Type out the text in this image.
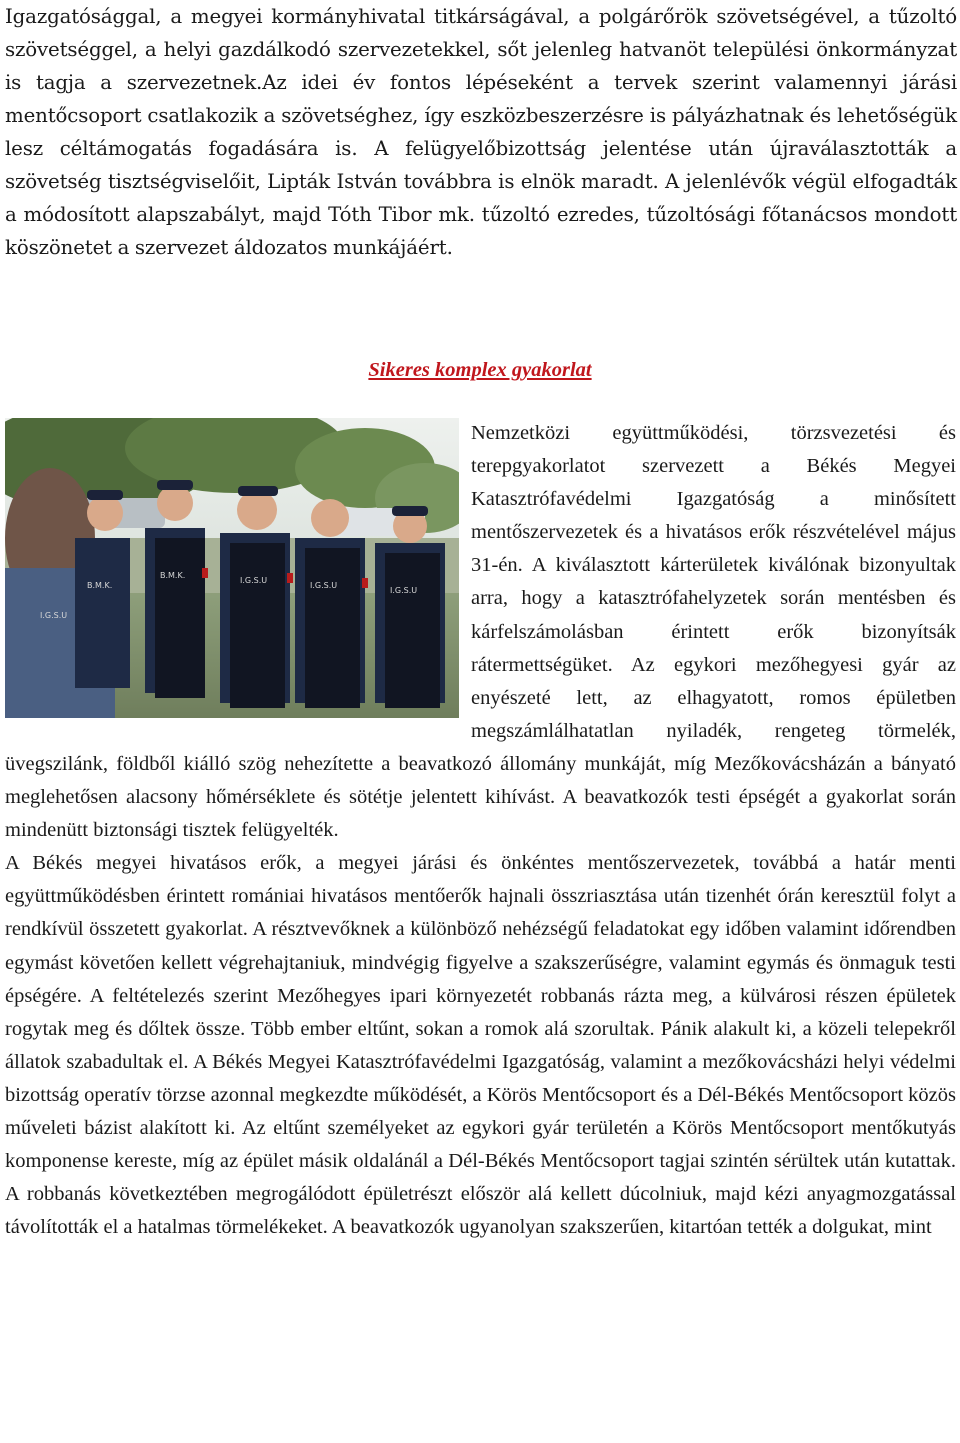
Igazgatósággal, a megyei kormányhivatal titkárságával, a polgárőrök szövetségével, a tűzoltó szövetséggel, a helyi gazdálkodó szervezetekkel, sőt jelenleg hatvanöt települési önkormányzat is tagja a szervezetnek.Az idei év fontos lépéseként a tervek szerint valamennyi járási mentőcsoport csatlakozik a szövetséghez, így eszközbeszerzésre is pályázhatnak és lehetőségük lesz céltámogatás fogadására is. A felügyelőbizottság jelentése után újraválasztották a szövetség tisztségviselőit, Lipták István továbbra is elnök maradt. A jelenlévők végül elfogadták a módosított alapszabályt, majd Tóth Tibor mk. tűzoltó ezredes, tűzoltósági főtanácsos mondott köszönetet a szervezet áldozatos munkájáért.

Sikeres komplex gyakorlat
B.M.K.
B.M.K.
I.G.S.U
I.G.S.U
I.G.S.U
I.G.S.U

Nemzetközi együttműködési, törzsvezetési és terepgyakorlatot szervezett a Békés Megyei Katasztrófavédelmi Igazgatóság a minősített mentőszervezetek és a hivatásos erők részvételével május 31-én. A kiválasztott kárterületek kiválónak bizonyultak arra, hogy a katasztrófahelyzetek során mentésben és kárfelszámolásban érintett erők bizonyítsák rátermettségüket. Az egykori mezőhegyesi gyár az enyészeté lett, az elhagyatott, romos épületben megszámlálhatatlan nyiladék, rengeteg törmelék, üvegszilánk, földből kiálló szög nehezítette a beavatkozó állomány munkáját, míg Mezőkovácsházán a bányató meglehetősen alacsony hőmérséklete és sötétje jelentett kihívást. A beavatkozók testi épségét a gyakorlat során mindenütt biztonsági tisztek felügyelték.

A Békés megyei hivatásos erők, a megyei járási és önkéntes mentőszervezetek, továbbá a határ menti együttműködésben érintett romániai hivatásos mentőerők hajnali összriasztása után tizenhét órán keresztül folyt a rendkívül összetett gyakorlat. A résztvevőknek a különböző nehézségű feladatokat egy időben valamint időrendben egymást követően kellett végrehajtaniuk, mindvégig figyelve a szakszerűségre, valamint egymás és önmaguk testi épségére. A feltételezés szerint Mezőhegyes ipari környezetét robbanás rázta meg, a külvárosi részen épületek rogytak meg és dőltek össze. Több ember eltűnt, sokan a romok alá szorultak. Pánik alakult ki, a közeli telepekről állatok szabadultak el. A Békés Megyei Katasztrófavédelmi Igazgatóság, valamint a mezőkovácsházi helyi védelmi bizottság operatív törzse azonnal megkezdte működését, a Körös Mentőcsoport és a Dél-Békés Mentőcsoport közös műveleti bázist alakított ki. Az eltűnt személyeket az egykori gyár területén a Körös Mentőcsoport mentőkutyás komponense kereste, míg az épület másik oldalánál a Dél-Békés Mentőcsoport tagjai szintén sérültek után kutattak. A robbanás következtében megrogálódott épületrészt először alá kellett dúcolniuk, majd kézi anyagmozgatással távolították el a hatalmas törmelékeket. A beavatkozók ugyanolyan szakszerűen, kitartóan tették a dolgukat, mint
